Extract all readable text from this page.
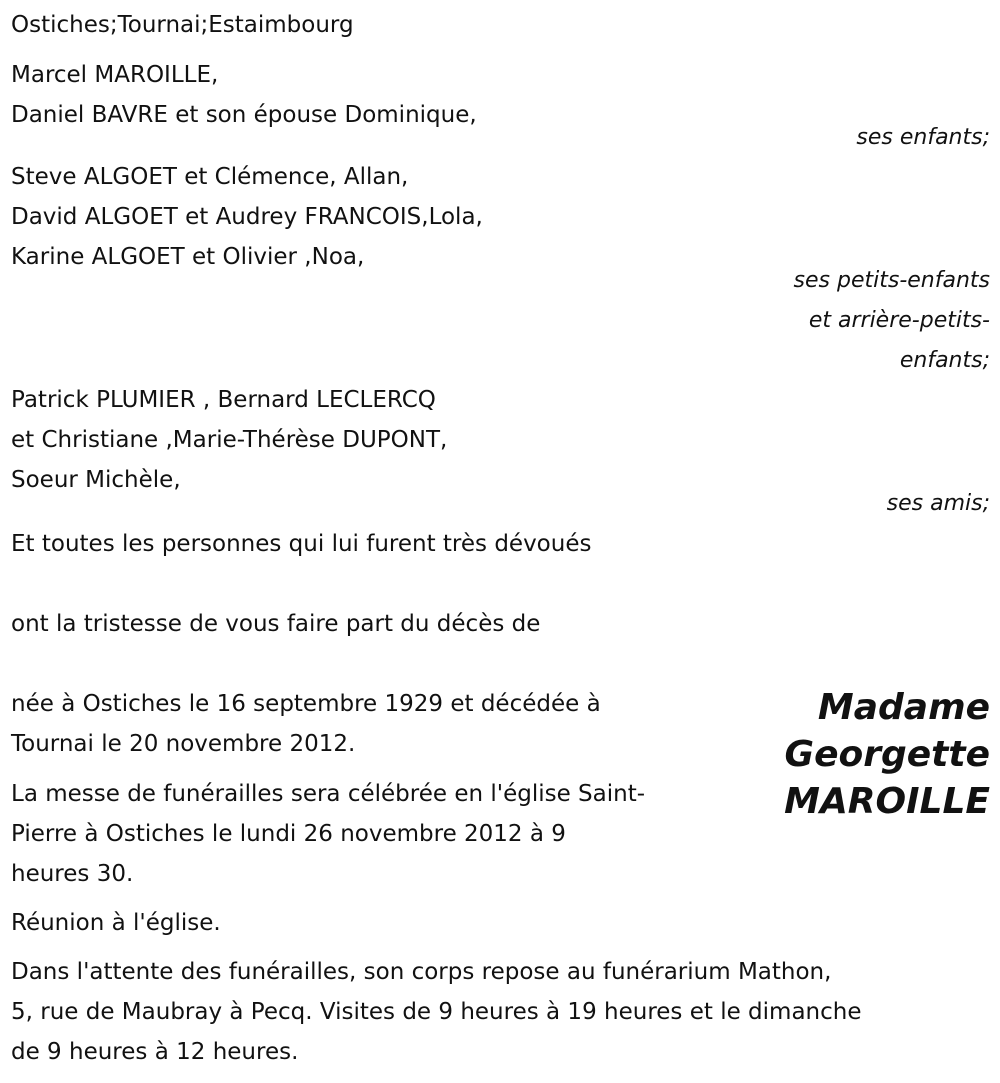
Ostiches;Tournai;Estaimbourg
Marcel MAROILLE,
Daniel BAVRE et son épouse Dominique,
ses enfants;
Steve ALGOET et Clémence, Allan,
David ALGOET et Audrey FRANCOIS,Lola,
Karine ALGOET et Olivier ,Noa,
ses petits-enfants
et arrière-petits-
enfants;
Patrick PLUMIER , Bernard LECLERCQ
et Christiane ,Marie-Thérèse DUPONT,
Soeur Michèle,
ses amis;
Et toutes les personnes qui lui furent très dévoués
ont la tristesse de vous faire part du décès de
Madame
Georgette
MAROILLE
née à Ostiches le 16 septembre 1929 et décédée à
Tournai le 20 novembre 2012.
La messe de funérailles sera célébrée en l'église Saint-
Pierre à Ostiches le lundi 26 novembre 2012 à 9
heures 30.
Réunion à l'église.
Dans l'attente des funérailles, son corps repose au funérarium Mathon,
5, rue de Maubray à Pecq. Visites de 9 heures à 19 heures et le dimanche
de 9 heures à 12 heures.
